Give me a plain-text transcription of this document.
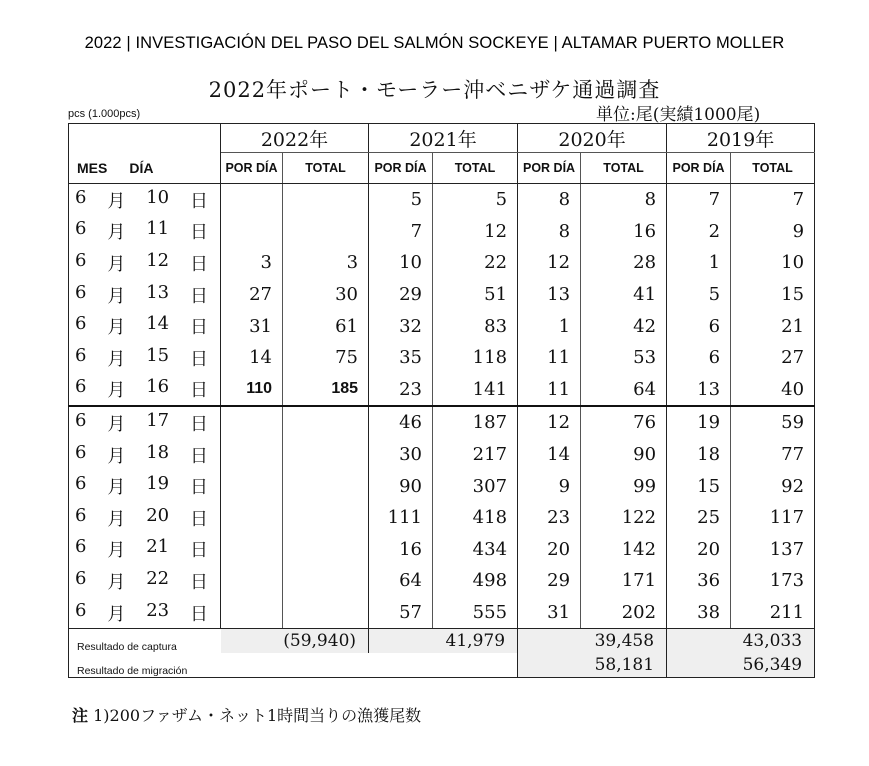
2022 | INVESTIGACIÓN DEL PASO DEL SALMÓN SOCKEYE | ALTAMAR PUERTO MOLLER
2022年ポート・モーラー沖ベニザケ通過調査
pcs (1.000pcs)	単位:尾(実績1000尾)
	2022年		2021年		2020年		2019年	
MES DÍA	POR DÍA	TOTAL	POR DÍA	TOTAL	POR DÍA	TOTAL	POR DÍA	TOTAL

6 月 10 日			5	5	8	8	7	7

6 月 11 日			7	12	8	16	2	9

6 月 12 日	3	3	10	22	12	28	1	10

6 月 13 日	27	30	29	51	13	41	5	15

6 月 14 日	31	61	32	83	1	42	6	21

6 月 15 日	14	75	35	118	11	53	6	27

6 月 16 日	110	185	23	141	11	64	13	40

6 月 17 日			46	187	12	76	19	59

6 月 18 日			30	217	14	90	18	77

6 月 19 日			90	307	9	99	15	92

6 月 20 日			111	418	23	122	25	117

6 月 21 日			16	434	20	142	20	137

6 月 22 日			64	498	29	171	36	173

6 月 23 日			57	555	31	202	38	211
Resultado de captura	(59,940)		41,979		39,458		43,033	
Resultado de migración					58,181		56,349	
注 1)200ファザム・ネット1時間当りの漁獲尾数
